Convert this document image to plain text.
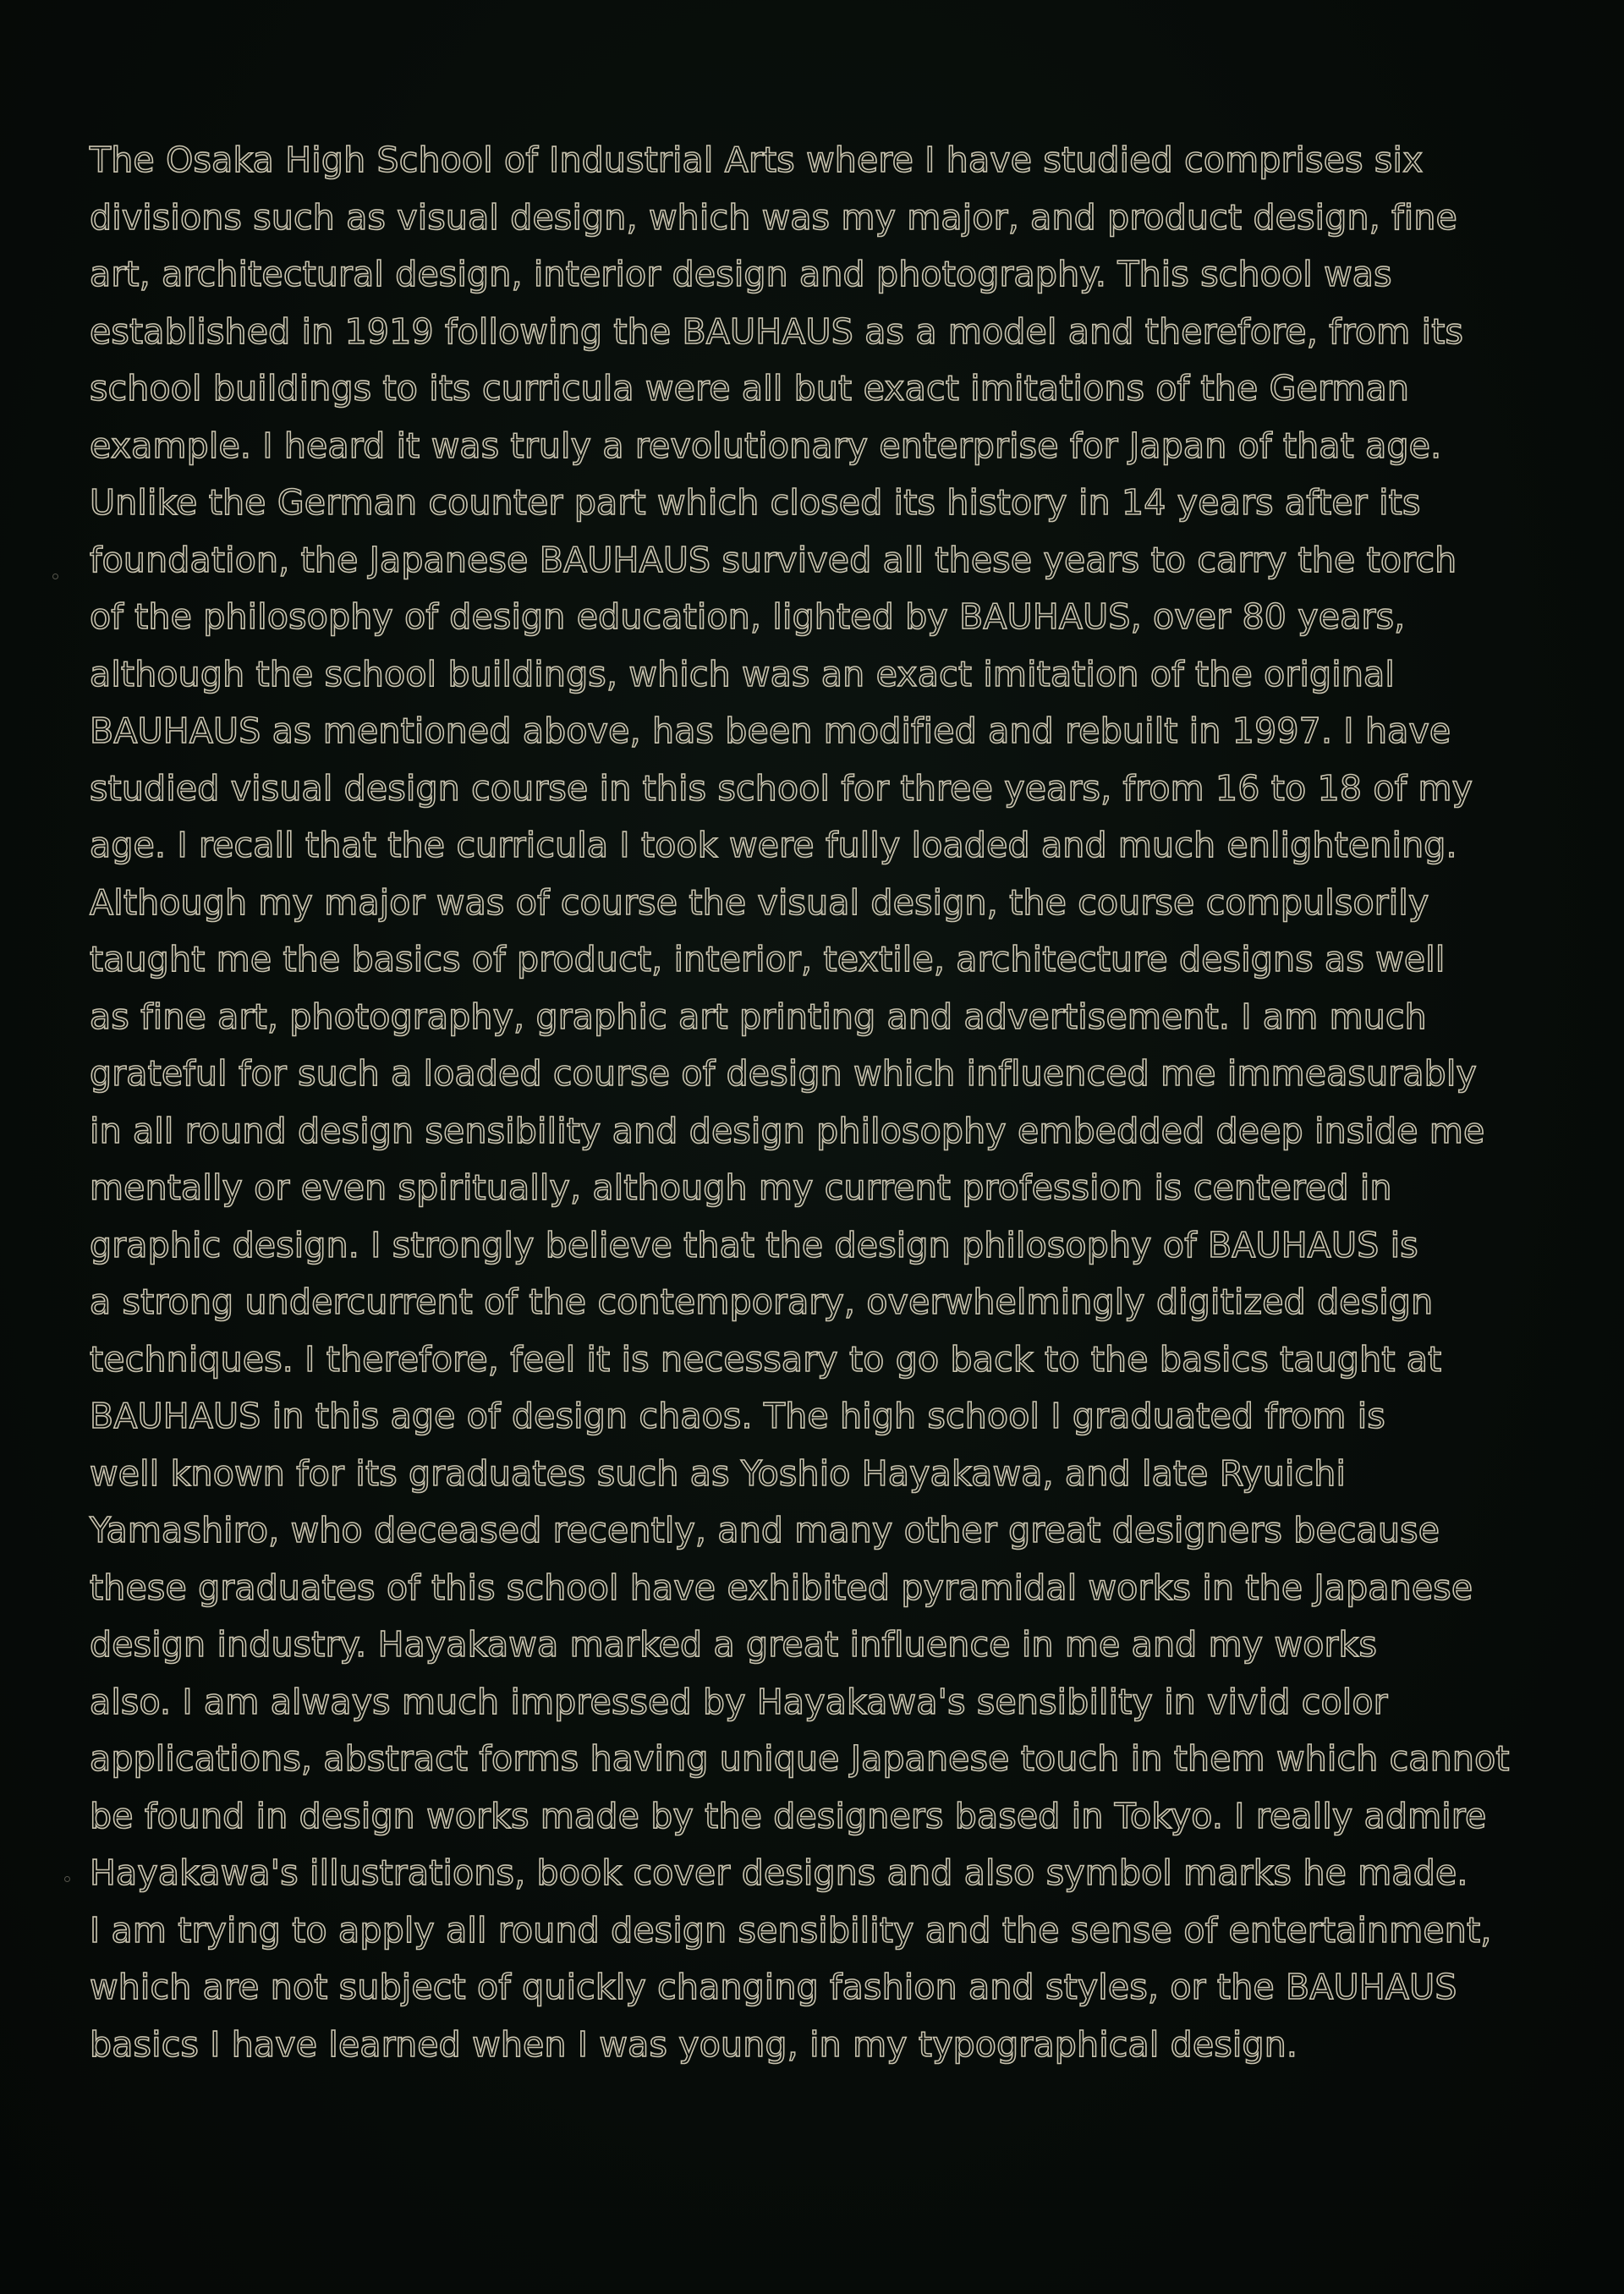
The Osaka High School of Industrial Arts where I have studied comprises six
divisions such as visual design, which was my major, and product design, fine
art, architectural design, interior design and photography. This school was
established in 1919 following the BAUHAUS as a model and therefore, from its
school buildings to its curricula were all but exact imitations of the German
example. I heard it was truly a revolutionary enterprise for Japan of that age.
Unlike the German counter part which closed its history in 14 years after its
foundation, the Japanese BAUHAUS survived all these years to carry the torch
of the philosophy of design education, lighted by BAUHAUS, over 80 years,
although the school buildings, which was an exact imitation of the original
BAUHAUS as mentioned above, has been modified and rebuilt in 1997. I have
studied visual design course in this school for three years, from 16 to 18 of my
age. I recall that the curricula I took were fully loaded and much enlightening.
Although my major was of course the visual design, the course compulsorily
taught me the basics of product, interior, textile, architecture designs as well
as fine art, photography, graphic art printing and advertisement. I am much
grateful for such a loaded course of design which influenced me immeasurably
in all round design sensibility and design philosophy embedded deep inside me
mentally or even spiritually, although my current profession is centered in
graphic design. I strongly believe that the design philosophy of BAUHAUS is
a strong undercurrent of the contemporary, overwhelmingly digitized design
techniques. I therefore, feel it is necessary to go back to the basics taught at
BAUHAUS in this age of design chaos. The high school I graduated from is
well known for its graduates such as Yoshio Hayakawa, and late Ryuichi
Yamashiro, who deceased recently, and many other great designers because
these graduates of this school have exhibited pyramidal works in the Japanese
design industry. Hayakawa marked a great influence in me and my works
also. I am always much impressed by Hayakawa's sensibility in vivid color
applications, abstract forms having unique Japanese touch in them which cannot
be found in design works made by the designers based in Tokyo. I really admire
Hayakawa's illustrations, book cover designs and also symbol marks he made.
I am trying to apply all round design sensibility and the sense of entertainment,
which are not subject of quickly changing fashion and styles, or the BAUHAUS
basics I have learned when I was young, in my typographical design.
